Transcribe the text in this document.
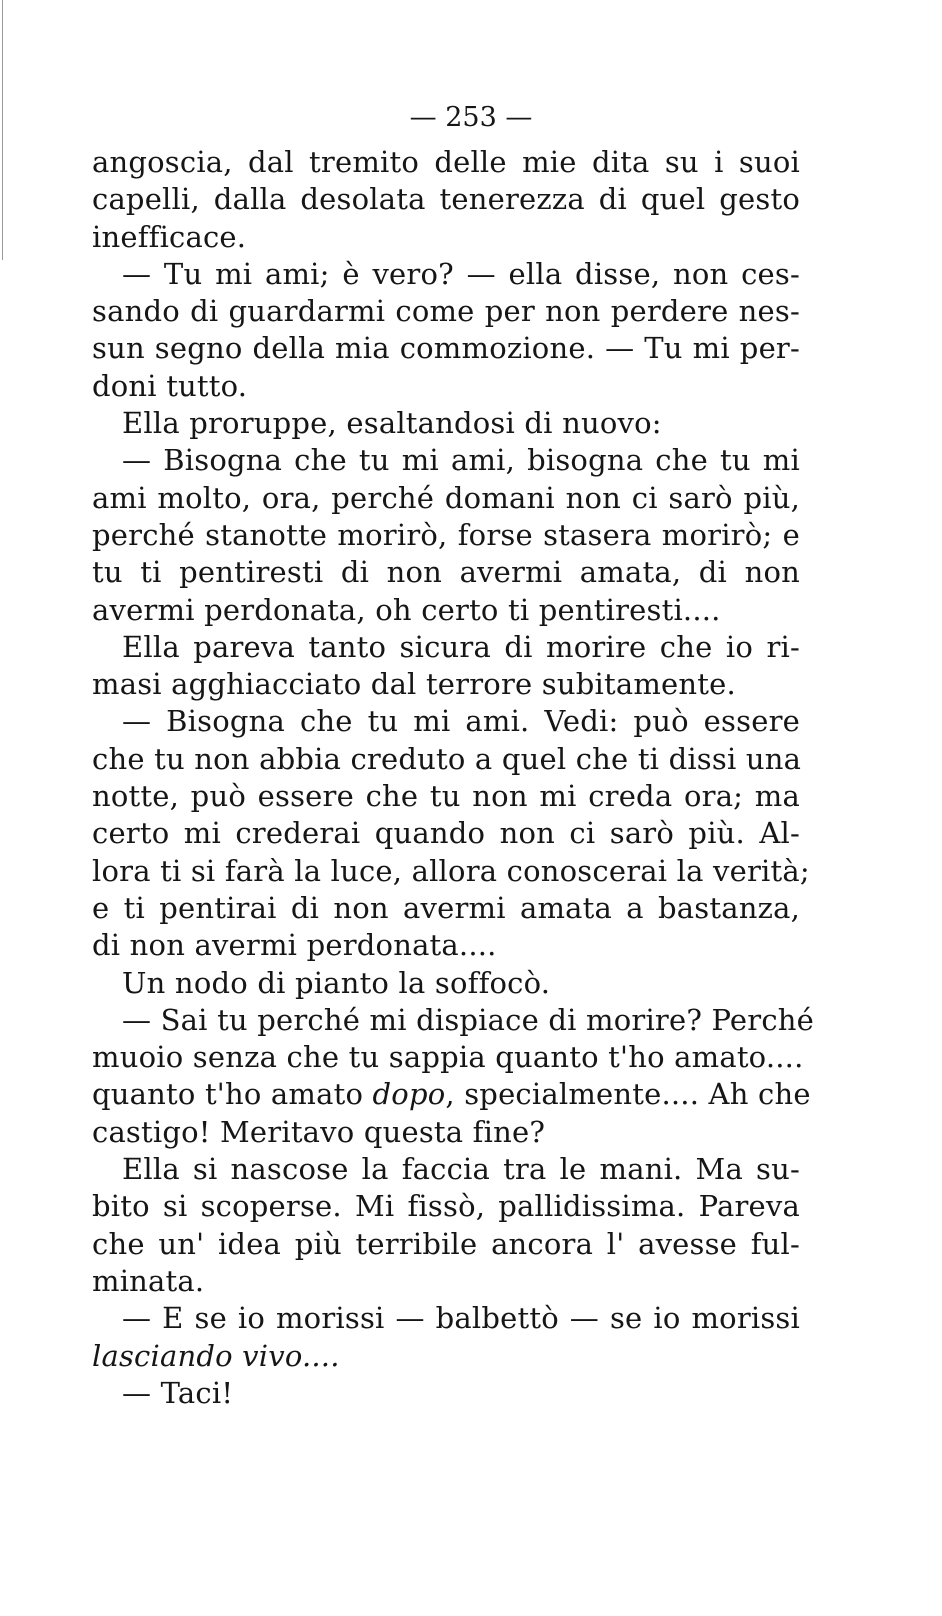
— 253 —
angoscia, dal tremito delle mie dita su i suoi
capelli, dalla desolata tenerezza di quel gesto
inefficace.
— Tu mi ami; è vero? — ella disse, non ces-
sando di guardarmi come per non perdere nes-
sun segno della mia commozione. — Tu mi per-
doni tutto.
Ella proruppe, esaltandosi di nuovo:
— Bisogna che tu mi ami, bisogna che tu mi
ami molto, ora, perché domani non ci sarò più,
perché stanotte morirò, forse stasera morirò; e
tu ti pentiresti di non avermi amata, di non
avermi perdonata, oh certo ti pentiresti....
Ella pareva tanto sicura di morire che io ri-
masi agghiacciato dal terrore subitamente.
— Bisogna che tu mi ami. Vedi: può essere
che tu non abbia creduto a quel che ti dissi una
notte, può essere che tu non mi creda ora; ma
certo mi crederai quando non ci sarò più. Al-
lora ti si farà la luce, allora conoscerai la verità;
e ti pentirai di non avermi amata a bastanza,
di non avermi perdonata....
Un nodo di pianto la soffocò.
— Sai tu perché mi dispiace di morire? Perché
muoio senza che tu sappia quanto t'ho amato....
quanto t'ho amato dopo, specialmente.... Ah che
castigo! Meritavo questa fine?
Ella si nascose la faccia tra le mani. Ma su-
bito si scoperse. Mi fissò, pallidissima. Pareva
che un' idea più terribile ancora l' avesse ful-
minata.
— E se io morissi — balbettò — se io morissi
lasciando vivo....
— Taci!
